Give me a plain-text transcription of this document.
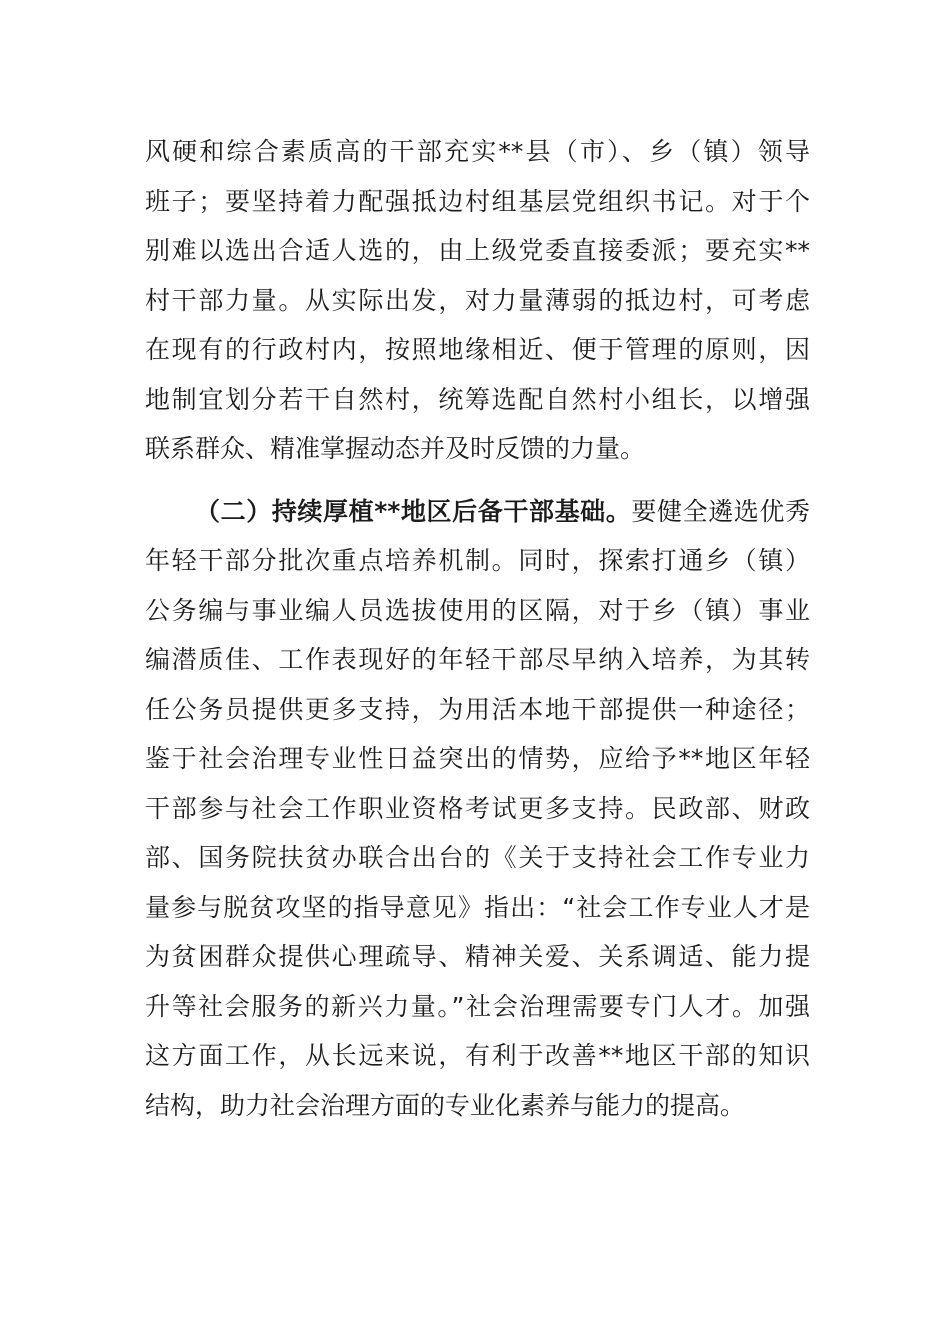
风硬和综合素质高的干部充实**县（市）、乡（镇）领导
班子；要坚持着力配强抵边村组基层党组织书记。对于个
别难以选出合适人选的，由上级党委直接委派；要充实**
村干部力量。从实际出发，对力量薄弱的抵边村，可考虑
在现有的行政村内，按照地缘相近、便于管理的原则，因
地制宜划分若干自然村，统筹选配自然村小组长，以增强
联系群众、精准掌握动态并及时反馈的力量。
（二）持续厚植**地区后备干部基础。要健全遴选优秀
年轻干部分批次重点培养机制。同时，探索打通乡（镇）
公务编与事业编人员选拔使用的区隔，对于乡（镇）事业
编潜质佳、工作表现好的年轻干部尽早纳入培养，为其转
任公务员提供更多支持，为用活本地干部提供一种途径；
鉴于社会治理专业性日益突出的情势，应给予**地区年轻
干部参与社会工作职业资格考试更多支持。民政部、财政
部、国务院扶贫办联合出台的《关于支持社会工作专业力
量参与脱贫攻坚的指导意见》指出：“社会工作专业人才是
为贫困群众提供心理疏导、精神关爱、关系调适、能力提
升等社会服务的新兴力量。”社会治理需要专门人才。加强
这方面工作，从长远来说，有利于改善**地区干部的知识
结构，助力社会治理方面的专业化素养与能力的提高。
